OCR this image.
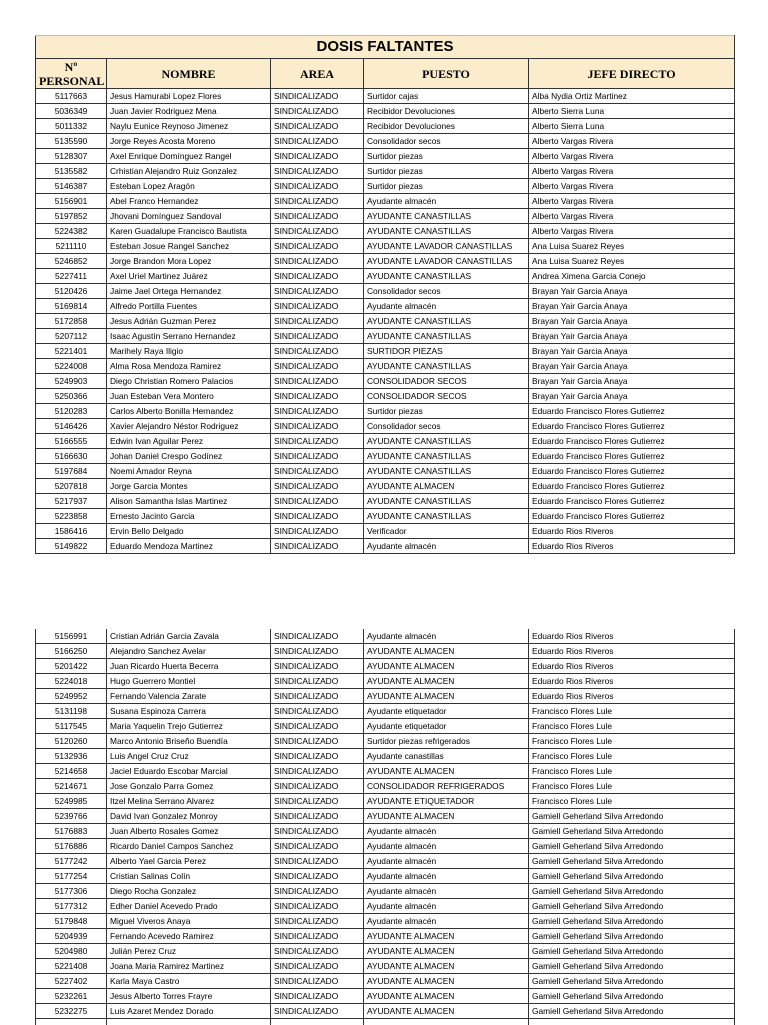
DOSIS FALTANTES				
Nº PERSONAL	NOMBRE	AREA	PUESTO	JEFE DIRECTO
5117663	Jesus Hamurabi Lopez Flores	SINDICALIZADO	Surtidor cajas	Alba Nydia Ortiz Martinez
5036349	Juan Javier Rodriguez Mena	SINDICALIZADO	Recibidor Devoluciones	Alberto Sierra Luna
5011332	Naylu Eunice Reynoso Jimenez	SINDICALIZADO	Recibidor Devoluciones	Alberto Sierra Luna
5135590	Jorge Reyes Acosta Moreno	SINDICALIZADO	Consolidador secos	Alberto Vargas Rivera
5128307	Axel Enrique Domínguez Rangel	SINDICALIZADO	Surtidor piezas	Alberto Vargas Rivera
5135582	Crhistian Alejandro Ruiz Gonzalez	SINDICALIZADO	Surtidor piezas	Alberto Vargas Rivera
5146387	Esteban Lopez Aragón	SINDICALIZADO	Surtidor piezas	Alberto Vargas Rivera
5156901	Abel Franco Hernandez	SINDICALIZADO	Ayudante almacén	Alberto Vargas Rivera
5197852	Jhovani Domínguez Sandoval	SINDICALIZADO	AYUDANTE CANASTILLAS	Alberto Vargas Rivera
5224382	Karen Guadalupe Francisco Bautista	SINDICALIZADO	AYUDANTE CANASTILLAS	Alberto Vargas Rivera
5211110	Esteban Josue Rangel Sanchez	SINDICALIZADO	AYUDANTE LAVADOR CANASTILLAS	Ana Luisa Suarez Reyes
5246852	Jorge Brandon Mora Lopez	SINDICALIZADO	AYUDANTE LAVADOR CANASTILLAS	Ana Luisa Suarez Reyes
5227411	Axel Uriel Martinez Juárez	SINDICALIZADO	AYUDANTE CANASTILLAS	Andrea Ximena Garcia Conejo
5120426	Jaime Jael Ortega Hernandez	SINDICALIZADO	Consolidador secos	Brayan Yair Garcia Anaya
5169814	Alfredo Portilla Fuentes	SINDICALIZADO	Ayudante almacén	Brayan Yair Garcia Anaya
5172858	Jesus Adrián Guzman Perez	SINDICALIZADO	AYUDANTE CANASTILLAS	Brayan Yair Garcia Anaya
5207112	Isaac Agustín Serrano Hernandez	SINDICALIZADO	AYUDANTE CANASTILLAS	Brayan Yair Garcia Anaya
5221401	Marihely Raya Iligio	SINDICALIZADO	SURTIDOR PIEZAS	Brayan Yair Garcia Anaya
5224008	Alma Rosa Mendoza Ramirez	SINDICALIZADO	AYUDANTE CANASTILLAS	Brayan Yair Garcia Anaya
5249903	Diego Christian Romero Palacios	SINDICALIZADO	CONSOLIDADOR SECOS	Brayan Yair Garcia Anaya
5250366	Juan Esteban Vera Montero	SINDICALIZADO	CONSOLIDADOR SECOS	Brayan Yair Garcia Anaya
5120283	Carlos Alberto Bonilla Hernandez	SINDICALIZADO	Surtidor piezas	Eduardo Francisco Flores Gutierrez
5146426	Xavier Alejandro Néstor Rodriguez	SINDICALIZADO	Consolidador secos	Eduardo Francisco Flores Gutierrez
5166555	Edwin Ivan Aguilar Perez	SINDICALIZADO	AYUDANTE CANASTILLAS	Eduardo Francisco Flores Gutierrez
5166630	Johan Daniel Crespo Godínez	SINDICALIZADO	AYUDANTE CANASTILLAS	Eduardo Francisco Flores Gutierrez
5197684	Noemi Amador Reyna	SINDICALIZADO	AYUDANTE CANASTILLAS	Eduardo Francisco Flores Gutierrez
5207818	Jorge Garcia Montes	SINDICALIZADO	AYUDANTE ALMACEN	Eduardo Francisco Flores Gutierrez
5217937	Alison Samantha Islas Martinez	SINDICALIZADO	AYUDANTE CANASTILLAS	Eduardo Francisco Flores Gutierrez
5223858	Ernesto Jacinto Garcia	SINDICALIZADO	AYUDANTE CANASTILLAS	Eduardo Francisco Flores Gutierrez
1586416	Ervin Bello Delgado	SINDICALIZADO	Verificador	Eduardo Rios Riveros
5149822	Eduardo Mendoza Martinez	SINDICALIZADO	Ayudante almacén	Eduardo Rios Riveros
5156991	Cristian Adrián Garcia Zavala	SINDICALIZADO	Ayudante almacén	Eduardo Rios Riveros
5166250	Alejandro Sanchez Avelar	SINDICALIZADO	AYUDANTE ALMACEN	Eduardo Rios Riveros
5201422	Juan Ricardo Huerta Becerra	SINDICALIZADO	AYUDANTE ALMACEN	Eduardo Rios Riveros
5224018	Hugo Guerrero Montiel	SINDICALIZADO	AYUDANTE ALMACEN	Eduardo Rios Riveros
5249952	Fernando Valencia Zarate	SINDICALIZADO	AYUDANTE ALMACEN	Eduardo Rios Riveros
5131198	Susana Espinoza Carrera	SINDICALIZADO	Ayudante etiquetador	Francisco Flores Lule
5117545	Maria Yaquelin Trejo Gutierrez	SINDICALIZADO	Ayudante etiquetador	Francisco Flores Lule
5120260	Marco Antonio Briseño Buendía	SINDICALIZADO	Surtidor piezas refrigerados	Francisco Flores Lule
5132936	Luis Angel Cruz Cruz	SINDICALIZADO	Ayudante canastillas	Francisco Flores Lule
5214658	Jaciel Eduardo Escobar Marcial	SINDICALIZADO	AYUDANTE ALMACEN	Francisco Flores Lule
5214671	Jose Gonzalo Parra Gomez	SINDICALIZADO	CONSOLIDADOR REFRIGERADOS	Francisco Flores Lule
5249985	Itzel Melina Serrano Alvarez	SINDICALIZADO	AYUDANTE ETIQUETADOR	Francisco Flores Lule
5239766	David Ivan Gonzalez Monroy	SINDICALIZADO	AYUDANTE ALMACEN	Gamiell Geherland Silva Arredondo
5176883	Juan Alberto Rosales Gomez	SINDICALIZADO	Ayudante almacén	Gamiell Geherland Silva Arredondo
5176886	Ricardo Daniel Campos Sanchez	SINDICALIZADO	Ayudante almacén	Gamiell Geherland Silva Arredondo
5177242	Alberto Yael Garcia Perez	SINDICALIZADO	Ayudante almacén	Gamiell Geherland Silva Arredondo
5177254	Cristian Salinas Colín	SINDICALIZADO	Ayudante almacén	Gamiell Geherland Silva Arredondo
5177306	Diego Rocha Gonzalez	SINDICALIZADO	Ayudante almacén	Gamiell Geherland Silva Arredondo
5177312	Edher Daniel Acevedo Prado	SINDICALIZADO	Ayudante almacén	Gamiell Geherland Silva Arredondo
5179848	Miguel Viveros Anaya	SINDICALIZADO	Ayudante almacén	Gamiell Geherland Silva Arredondo
5204939	Fernando Acevedo Ramirez	SINDICALIZADO	AYUDANTE ALMACEN	Gamiell Geherland Silva Arredondo
5204980	Julián Perez Cruz	SINDICALIZADO	AYUDANTE ALMACEN	Gamiell Geherland Silva Arredondo
5221408	Joana Maria Ramirez Martinez	SINDICALIZADO	AYUDANTE ALMACEN	Gamiell Geherland Silva Arredondo
5227402	Karla Maya Castro	SINDICALIZADO	AYUDANTE ALMACEN	Gamiell Geherland Silva Arredondo
5232261	Jesus Alberto Torres Frayre	SINDICALIZADO	AYUDANTE ALMACEN	Gamiell Geherland Silva Arredondo
5232275	Luis Azaret Mendez Dorado	SINDICALIZADO	AYUDANTE ALMACEN	Gamiell Geherland Silva Arredondo
